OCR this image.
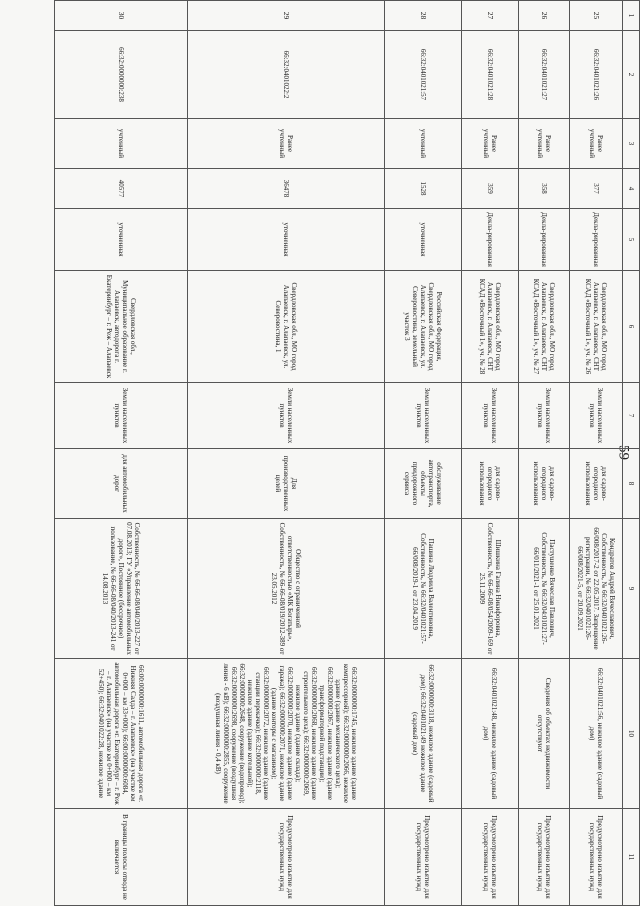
59
1	2	3	4	5	6	7	8	9	10	11
25	66:32:0401021:26	Ранее учтенный	377	Декла-рированная	Свердловская обл., МО город Алапаевск, г. Алапаевск, СНТ КСАД «Восточный 1», уч. № 26	Земли населенных пунктов	для садово-огородного использования	Кондратов Андрей Вячеславович, Собственность, № 66:32/0401021:26-66/008/2017-2 от 22.05.2017. Запрещение регистрации, № 66:32/0401021:26-66/008/2021-5, от 20.09.2021	66:32:0401021:56, нежилое здание (садовый дом)	Предусмотрено изъятие для государственных нужд
26	66:32:0401021:27	Ранее учтенный	358	Декла-рированная	Свердловская обл., МО город Алапаевск, г. Алапаевск, СНТ КСАД «Восточный 1», уч. № 27	Земли населенных пунктов	для садово-огородного использования	Пастушенко Вячеслав Павлович, Собственность, № 66:32/04:01021:27-66/011/2021-1 от 25.01.2021	Сведения об объектах недвижимости отсутствуют	Предусмотрено изъятие для государственных нужд
27	66:32:0401021:28	Ранее учтенный	359	Декла-рированная	Свердловская обл., МО город Алапаевск, г. Алапаевск, СНТ КСАД «Восточный 1», уч. № 28	Земли населенных пунктов	для садово-огородного использования	Шишкина Галина Никифоровна, Собственность, № 66-66-08/054/2009-169 от 25.11.2009	66:32:0401021:48, нежилое здание (садовый дом)	Предусмотрено изъятие для государственных нужд
28	66:32:0401021:57	учтенный	1528	уточненная	Российская Федерация, Свердловская обл., МО город Алапаевск, г. Алапаевск, ул. Северовостина, земельный участок 3	Земли населенных пунктов	обслуживание автотранспорта, объекты придорожного сервиса	Пашина Людмила Валентиновна, Собственность, № 66:32/0401021:57-66/008/2019-1 от 23.04.2019	66:32:0000000:3118, нежилое здание (садовый дом); 66:32:0401021:49 нежилое здание (садовый дом)	Предусмотрено изъятие для государственных нужд
29	66:32:0401022:2	Ранее учтенный	36478	уточненная	Свердловская обл., МО город Алапаевск, г. Алапаевск, ул. Северовостина, 1	Земли населенных пунктов	Для производственных целей	Общество с ограниченной ответственностью «МК Богатырь», Собственность, № 66-66-08/019/2012-389 от 23.05.2012	66:32:0000000:1745, нежилое здание (здание компрессорной); 66:32:0000000:2066, нежилое здание (здание механического цеха); 66:32:0000000:2067, нежилое здание (здание трансформаторной подстанции); 66:32:0000000:2068, нежилое здание (здание строительного цеха); 66:32:0000000:2069, нежилое здание (здание склада); 66:32:0000000:2070, нежилое здание (здание гаража); 66:32:0000000:2071, нежилое здание (здание конторы с магазином); 66:32:0000000:2072, нежилое здание (здание станции перекачки); 66:32:0000000:2118, нежилое здание (здание котельной); 66:32:0000000:2648, сооружение (водопровод); 66:32:0000000:2698, сооружение (воздушная линия - 6 кВ); 66:32:0000000:2855, сооружение (воздушная линия - 0,4 кВ)	Предусмотрено изъятие для государственных нужд
30	66:32:0000000:238	учтенный	40577	уточненная	Свердловская обл., Муниципальное образование г. Алапаевск, автодорога г. Екатеринбург – г. Реж – Алапаевск	Земли населенных пунктов	для автомобильных дорог	Собственность, № 66-66-08/040/2013-227 от 07.08.2013; ГУ «Управление автомобильных дорог», Постоянное (бессрочное) пользование, № 66-66-08/040/2013-241 от 14.08.2013	66:00:0000000:1611, автомобильная дорога «г. Нижняя Салда – г. Алапаевск» (на участке км 0+000 – км 33+000); 66:00:0000000:6084, автомобильная дорога «г. Екатеринбург – г. Реж – г. Алапаевск» (на участке км 0+000 – км 52+450); 66:32:0401022:28, нежилое здание	В границы полосы отвода не включается
